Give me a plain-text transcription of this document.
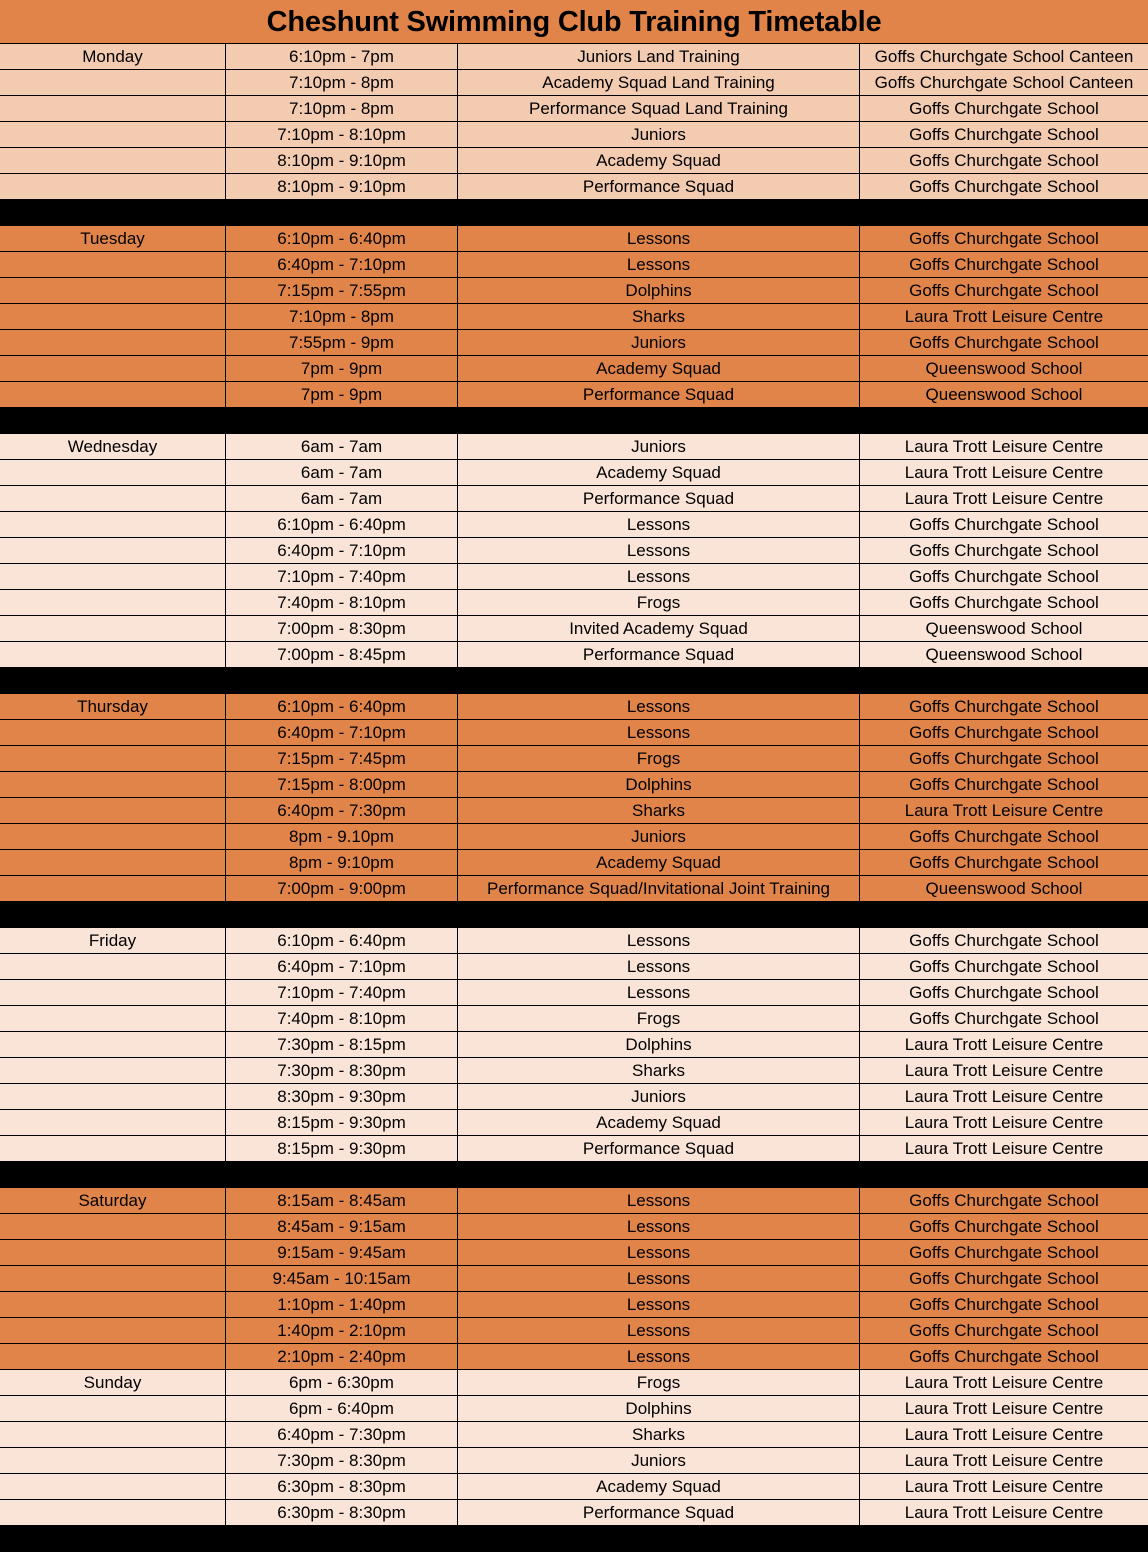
Cheshunt Swimming Club Training Timetable
Monday	6:10pm - 7pm	Juniors Land Training	Goffs Churchgate School Canteen
7:10pm - 8pm	Academy Squad Land Training	Goffs Churchgate School Canteen
7:10pm - 8pm	Performance Squad Land Training	Goffs Churchgate School
7:10pm - 8:10pm	Juniors	Goffs Churchgate School
8:10pm - 9:10pm	Academy Squad	Goffs Churchgate School
8:10pm - 9:10pm	Performance Squad	Goffs Churchgate School
Tuesday	6:10pm - 6:40pm	Lessons	Goffs Churchgate School
6:40pm - 7:10pm	Lessons	Goffs Churchgate School
7:15pm - 7:55pm	Dolphins	Goffs Churchgate School
7:10pm - 8pm	Sharks	Laura Trott Leisure Centre
7:55pm - 9pm	Juniors	Goffs Churchgate School
7pm - 9pm	Academy Squad	Queenswood School
7pm - 9pm	Performance Squad	Queenswood School
Wednesday	6am - 7am	Juniors	Laura Trott Leisure Centre
6am - 7am	Academy Squad	Laura Trott Leisure Centre
6am - 7am	Performance Squad	Laura Trott Leisure Centre
6:10pm - 6:40pm	Lessons	Goffs Churchgate School
6:40pm - 7:10pm	Lessons	Goffs Churchgate School
7:10pm - 7:40pm	Lessons	Goffs Churchgate School
7:40pm - 8:10pm	Frogs	Goffs Churchgate School
7:00pm - 8:30pm	Invited Academy Squad	Queenswood School
7:00pm - 8:45pm	Performance Squad	Queenswood School
Thursday	6:10pm - 6:40pm	Lessons	Goffs Churchgate School
6:40pm - 7:10pm	Lessons	Goffs Churchgate School
7:15pm - 7:45pm	Frogs	Goffs Churchgate School
7:15pm - 8:00pm	Dolphins	Goffs Churchgate School
6:40pm - 7:30pm	Sharks	Laura Trott Leisure Centre
8pm - 9.10pm	Juniors	Goffs Churchgate School
8pm - 9:10pm	Academy Squad	Goffs Churchgate School
7:00pm - 9:00pm	Performance Squad/Invitational Joint Training	Queenswood School
Friday	6:10pm - 6:40pm	Lessons	Goffs Churchgate School
6:40pm - 7:10pm	Lessons	Goffs Churchgate School
7:10pm - 7:40pm	Lessons	Goffs Churchgate School
7:40pm - 8:10pm	Frogs	Goffs Churchgate School
7:30pm - 8:15pm	Dolphins	Laura Trott Leisure Centre
7:30pm - 8:30pm	Sharks	Laura Trott Leisure Centre
8:30pm - 9:30pm	Juniors	Laura Trott Leisure Centre
8:15pm - 9:30pm	Academy Squad	Laura Trott Leisure Centre
8:15pm - 9:30pm	Performance Squad	Laura Trott Leisure Centre
Saturday	8:15am - 8:45am	Lessons	Goffs Churchgate School
8:45am - 9:15am	Lessons	Goffs Churchgate School
9:15am - 9:45am	Lessons	Goffs Churchgate School
9:45am - 10:15am	Lessons	Goffs Churchgate School
1:10pm - 1:40pm	Lessons	Goffs Churchgate School
1:40pm - 2:10pm	Lessons	Goffs Churchgate School
2:10pm - 2:40pm	Lessons	Goffs Churchgate School
Sunday	6pm - 6:30pm	Frogs	Laura Trott Leisure Centre
6pm - 6:40pm	Dolphins	Laura Trott Leisure Centre
6:40pm - 7:30pm	Sharks	Laura Trott Leisure Centre
7:30pm - 8:30pm	Juniors	Laura Trott Leisure Centre
6:30pm - 8:30pm	Academy Squad	Laura Trott Leisure Centre
6:30pm - 8:30pm	Performance Squad	Laura Trott Leisure Centre
